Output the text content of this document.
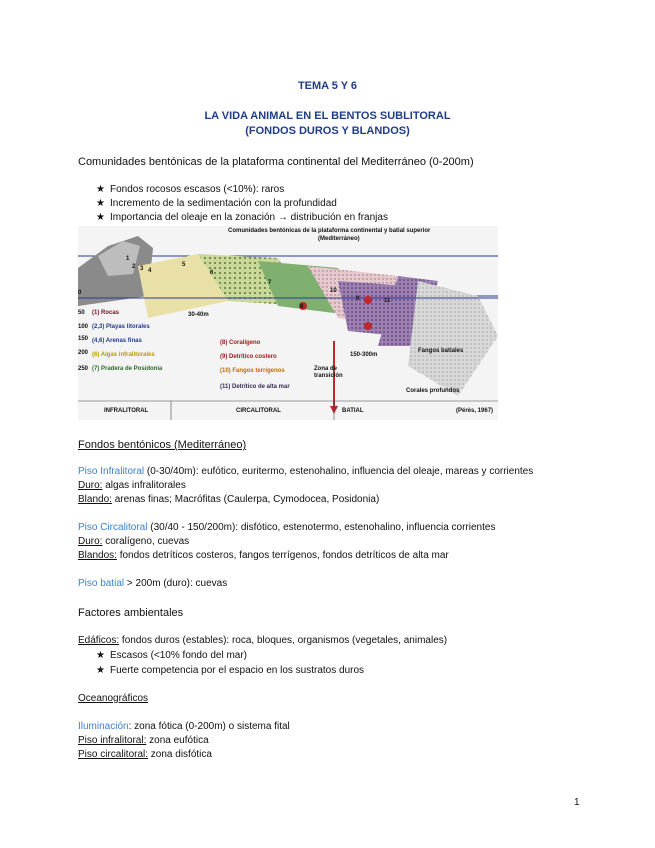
TEMA 5 Y 6
LA VIDA ANIMAL EN EL BENTOS SUBLITORAL
(FONDOS DUROS Y BLANDOS)
Comunidades bentónicas de la plataforma continental del Mediterráneo (0-200m)
★ Fondos rocosos escasos (<10%): raros
★ Incremento de la sedimentación con la profundidad
★ Importancia del oleaje en la zonación → distribución en franjas
Comunidades bentónicas de la plataforma continental y batial superior
(Mediterráneo)
1
2 3 4
5
6
7
8
9
10
11
0
50
100
150
200
250
(1) Rocas
(2,3) Playas litorales
(4,6) Arenas finas
(6) Algas infralitorales
(7) Pradera de Posidonia
30-40m
(8) Coralígeno
(9) Detrítico costero
(10) Fangos terrígenos
(11) Detrítico de alta mar
150-300m
Zona de
transición
Fangos batiales
Corales profundos
INFRALITORAL	CIRCALITORAL	BATIAL	(Pérès, 1967)
Fondos bentónicos (Mediterráneo)
Piso Infralitoral (0-30/40m): eufótico, euritermo, estenohalino, influencia del oleaje, mareas y corrientes
Duro: algas infralitorales
Blando: arenas finas; Macrófitas (Caulerpa, Cymodocea, Posidonia)
Piso Circalitoral (30/40 - 150/200m): disfótico, estenotermo, estenohalino, influencia corrientes
Duro: coralígeno, cuevas
Blandos: fondos detríticos costeros, fangos terrígenos, fondos detríticos de alta mar
Piso batial > 200m (duro): cuevas
Factores ambientales
Edáficos: fondos duros (estables): roca, bloques, organismos (vegetales, animales)
★ Escasos (<10% fondo del mar)
★ Fuerte competencia por el espacio en los sustratos duros
Oceanográficos
Iluminación: zona fótica (0-200m) o sistema fital
Piso infralitoral: zona eufótica
Piso circalitoral: zona disfótica
1
